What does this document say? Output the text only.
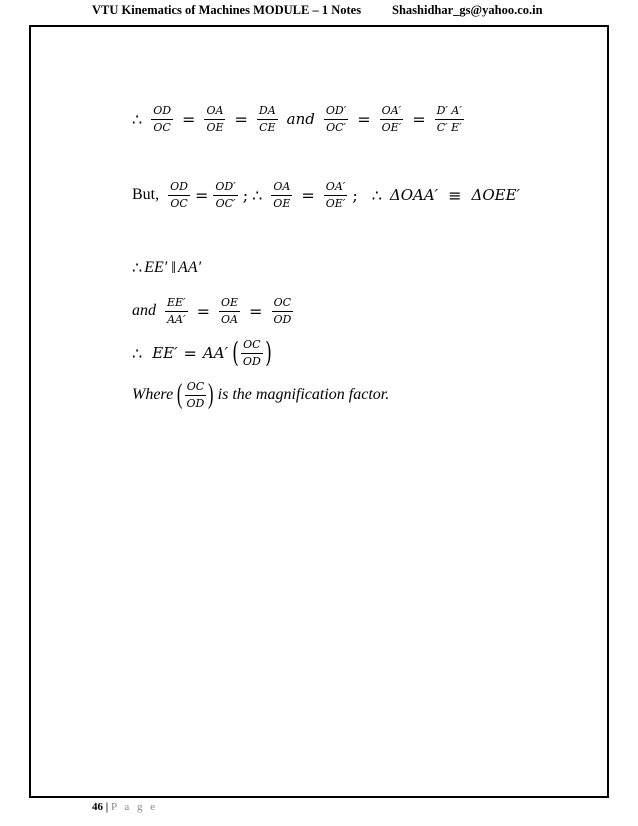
VTU Kinematics of Machines MODULE – 1 Notes Shashidhar_gs@yahoo.co.in
∴ $\frac{OD}{OC} = \frac{OA}{OE} = \frac{DA}{CE}$ and $\frac{OD'}{OC'} = \frac{OA'}{OE'} = \frac{D' A'}{C' E'}$
But, $\frac{OD}{OC} = \frac{OD'}{OC'}$ ; ∴ $\frac{OA}{OE} = \frac{OA'}{OE'}$ ; ∴ ΔOAA′ ≡ ΔOEE′
∴ EE′ ‖ AA′
and $\frac{EE'}{AA'} = \frac{OE}{OA} = \frac{OC}{OD}$
∴ EE′ = AA′ ( $\frac{OC}{OD}$ )
Where ( $\frac{OC}{OD}$ ) is the magnification factor.
46 | P a g e
